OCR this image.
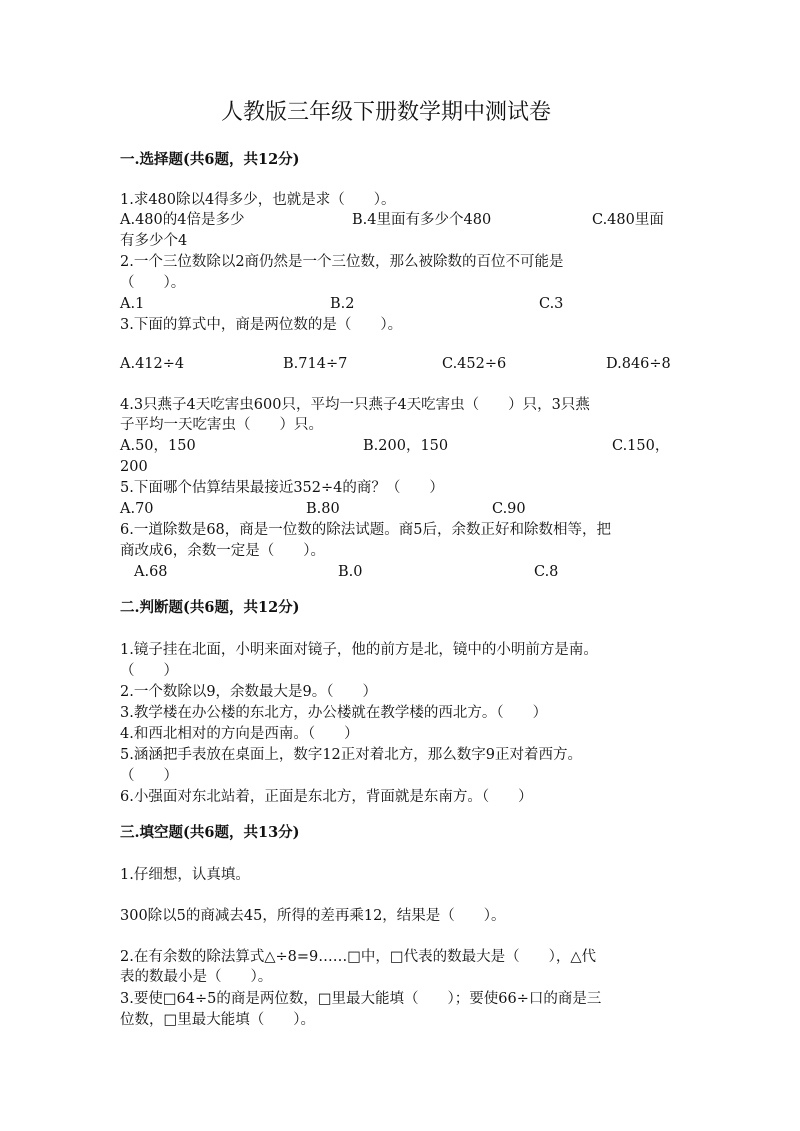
人教版三年级下册数学期中测试卷
一.选择题(共6题，共12分)
1.求480除以4得多少，也就是求（　　）。
A.480的4倍是多少	B.4里面有多少个480	C.480里面
有多少个4
2.一个三位数除以2商仍然是一个三位数，那么被除数的百位不可能是
（　　）。
A.1	B.2	C.3
3.下面的算式中，商是两位数的是（　　）。
A.412÷4	B.714÷7	C.452÷6	D.846÷8
4.3只燕子4天吃害虫600只，平均一只燕子4天吃害虫（　　）只，3只燕
子平均一天吃害虫（　　）只。
A.50，150	B.200，150	C.150，
200
5.下面哪个估算结果最接近352÷4的商？（　　）
A.70	B.80	C.90
6.一道除数是68，商是一位数的除法试题。商5后，余数正好和除数相等，把
商改成6，余数一定是（　　）。
A.68	B.0	C.8
二.判断题(共6题，共12分)
1.镜子挂在北面，小明来面对镜子，他的前方是北，镜中的小明前方是南。
（　　）
2.一个数除以9，余数最大是9。（　　）
3.教学楼在办公楼的东北方，办公楼就在教学楼的西北方。（　　）
4.和西北相对的方向是西南。（　　）
5.涵涵把手表放在桌面上，数字12正对着北方，那么数字9正对着西方。
（　　）
6.小强面对东北站着，正面是东北方，背面就是东南方。（　　）
三.填空题(共6题，共13分)
1.仔细想，认真填。
300除以5的商减去45，所得的差再乘12，结果是（　　）。
2.在有余数的除法算式△÷8=9……□中，□代表的数最大是（　　），△代
表的数最小是（　　）。
3.要使□64÷5的商是两位数，□里最大能填（　　）；要使66÷口的商是三
位数，□里最大能填（　　）。
